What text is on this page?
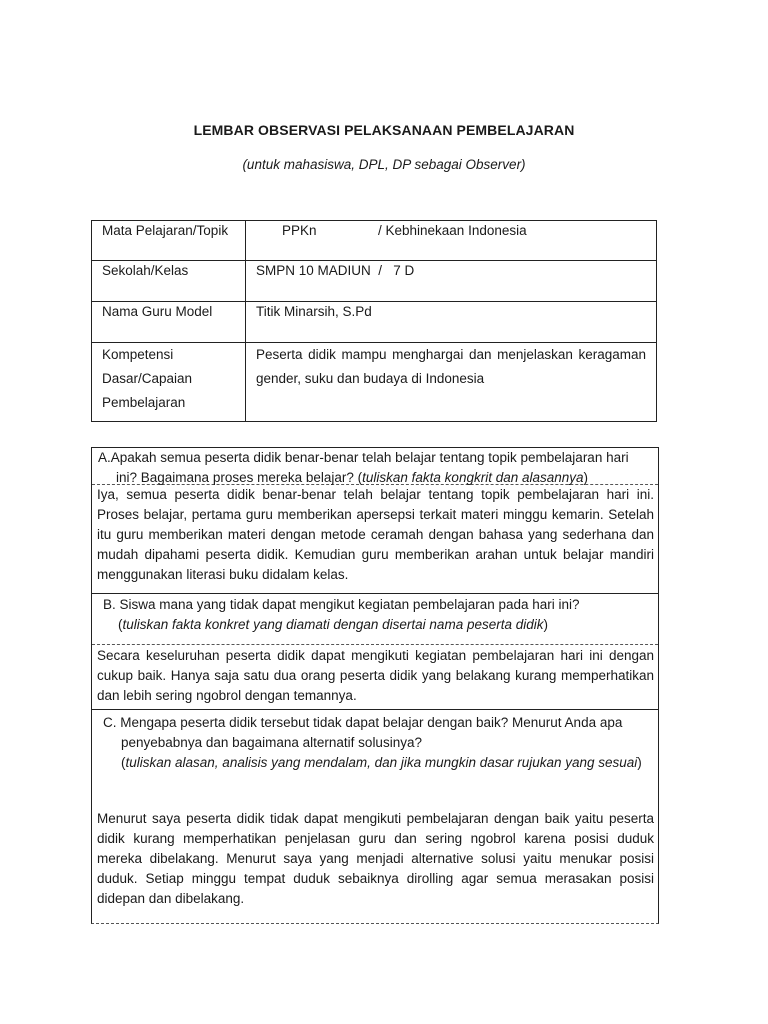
LEMBAR OBSERVASI PELAKSANAAN PEMBELAJARAN
(untuk mahasiswa, DPL, DP sebagai Observer)
Mata Pelajaran/Topik	PPKn / Kebhinekaan Indonesia
Sekolah/Kelas	SMPN 10 MADIUN  /   7 D
Nama Guru Model	Titik Minarsih, S.Pd

Kompetensi
Dasar/Capaian
Pembelajaran	Peserta didik mampu menghargai dan menjelaskan keragaman gender, suku dan budaya di Indonesia
A.Apakah semua peserta didik benar-benar telah belajar tentang topik pembelajaran hari
ini? Bagaimana proses mereka belajar? (tuliskan fakta kongkrit dan alasannya)
Iya, semua peserta didik benar-benar telah belajar tentang topik pembelajaran hari ini. Proses belajar, pertama guru memberikan apersepsi terkait materi minggu kemarin. Setelah itu guru memberikan materi dengan metode ceramah dengan bahasa yang sederhana dan mudah dipahami peserta didik. Kemudian guru memberikan arahan untuk belajar mandiri menggunakan literasi buku didalam kelas.
B. Siswa mana yang tidak dapat mengikut kegiatan pembelajaran pada hari ini?
(tuliskan fakta konkret yang diamati dengan disertai nama peserta didik)
Secara keseluruhan peserta didik dapat mengikuti kegiatan pembelajaran hari ini dengan cukup baik. Hanya saja satu dua orang peserta didik yang belakang kurang memperhatikan dan lebih sering ngobrol dengan temannya.
C. Mengapa peserta didik tersebut tidak dapat belajar dengan baik? Menurut Anda apa
penyebabnya dan bagaimana alternatif solusinya?
(tuliskan alasan, analisis yang mendalam, dan jika mungkin dasar rujukan yang sesuai)
Menurut saya peserta didik tidak dapat mengikuti pembelajaran dengan baik yaitu peserta didik kurang memperhatikan penjelasan guru dan sering ngobrol karena posisi duduk mereka dibelakang. Menurut saya yang menjadi alternative solusi yaitu menukar posisi duduk. Setiap minggu tempat duduk sebaiknya dirolling agar semua merasakan posisi didepan dan dibelakang.
